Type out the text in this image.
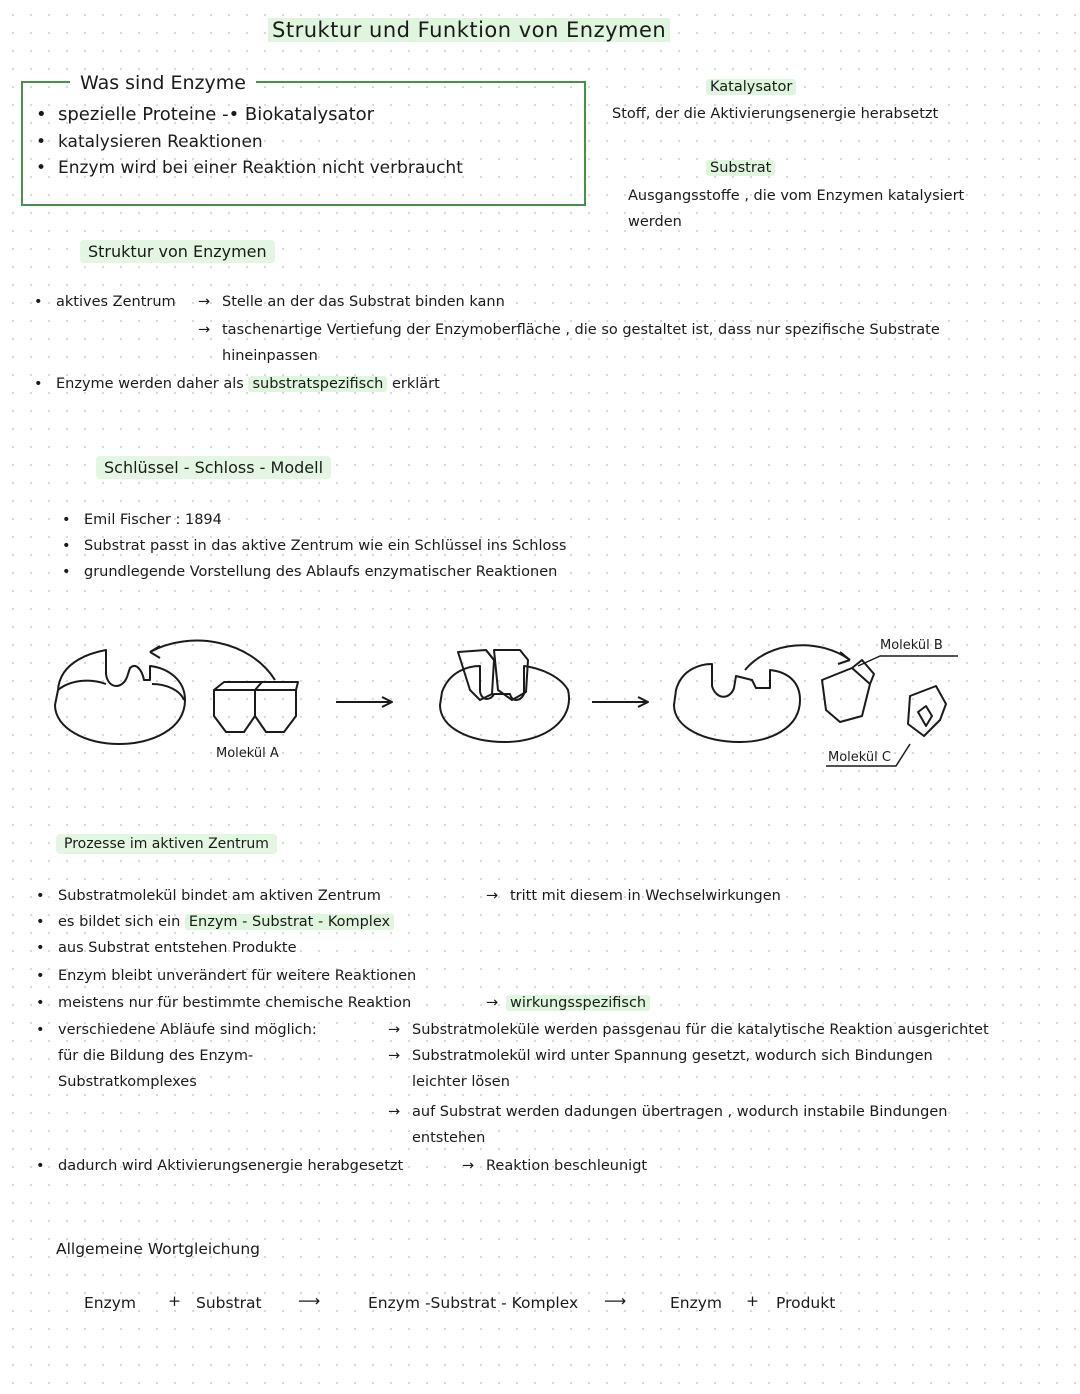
Struktur und Funktion von Enzymen
Was sind Enzyme
• spezielle Proteine -• Biokatalysator
• katalysieren Reaktionen
• Enzym wird bei einer Reaktion nicht verbraucht
Katalysator
Stoff, der die Aktivierungsenergie herabsetzt
Substrat
Ausgangsstoffe , die vom Enzymen katalysiert
werden
Struktur von Enzymen
• aktives Zentrum → Stelle an der das Substrat binden kann
→ taschenartige Vertiefung der Enzymoberfläche , die so gestaltet ist, dass nur spezifische Substrate
hineinpassen
• Enzyme werden daher als substratspezifisch erklärt
Schlüssel - Schloss - Modell
• Emil Fischer : 1894
• Substrat passt in das aktive Zentrum wie ein Schlüssel ins Schloss
• grundlegende Vorstellung des Ablaufs enzymatischer Reaktionen
Molekül A
Molekül B
Molekül C
Prozesse im aktiven Zentrum
• Substratmolekül bindet am aktiven Zentrum	→ tritt mit diesem in Wechselwirkungen
• es bildet sich ein Enzym - Substrat - Komplex
• aus Substrat entstehen Produkte
• Enzym bleibt unverändert für weitere Reaktionen
• meistens nur für bestimmte chemische Reaktion	→ wirkungsspezifisch
• verschiedene Abläufe sind möglich:
für die Bildung des Enzym-
Substratkomplexes
→ Substratmoleküle werden passgenau für die katalytische Reaktion ausgerichtet
→ Substratmolekül wird unter Spannung gesetzt, wodurch sich Bindungen
leichter lösen
→ auf Substrat werden dadungen übertragen , wodurch instabile Bindungen
entstehen
• dadurch wird Aktivierungsenergie herabgesetzt	→ Reaktion beschleunigt
Allgemeine Wortgleichung
Enzym + Substrat ⟶	Enzym -Substrat - Komplex ⟶	Enzym + Produkt
